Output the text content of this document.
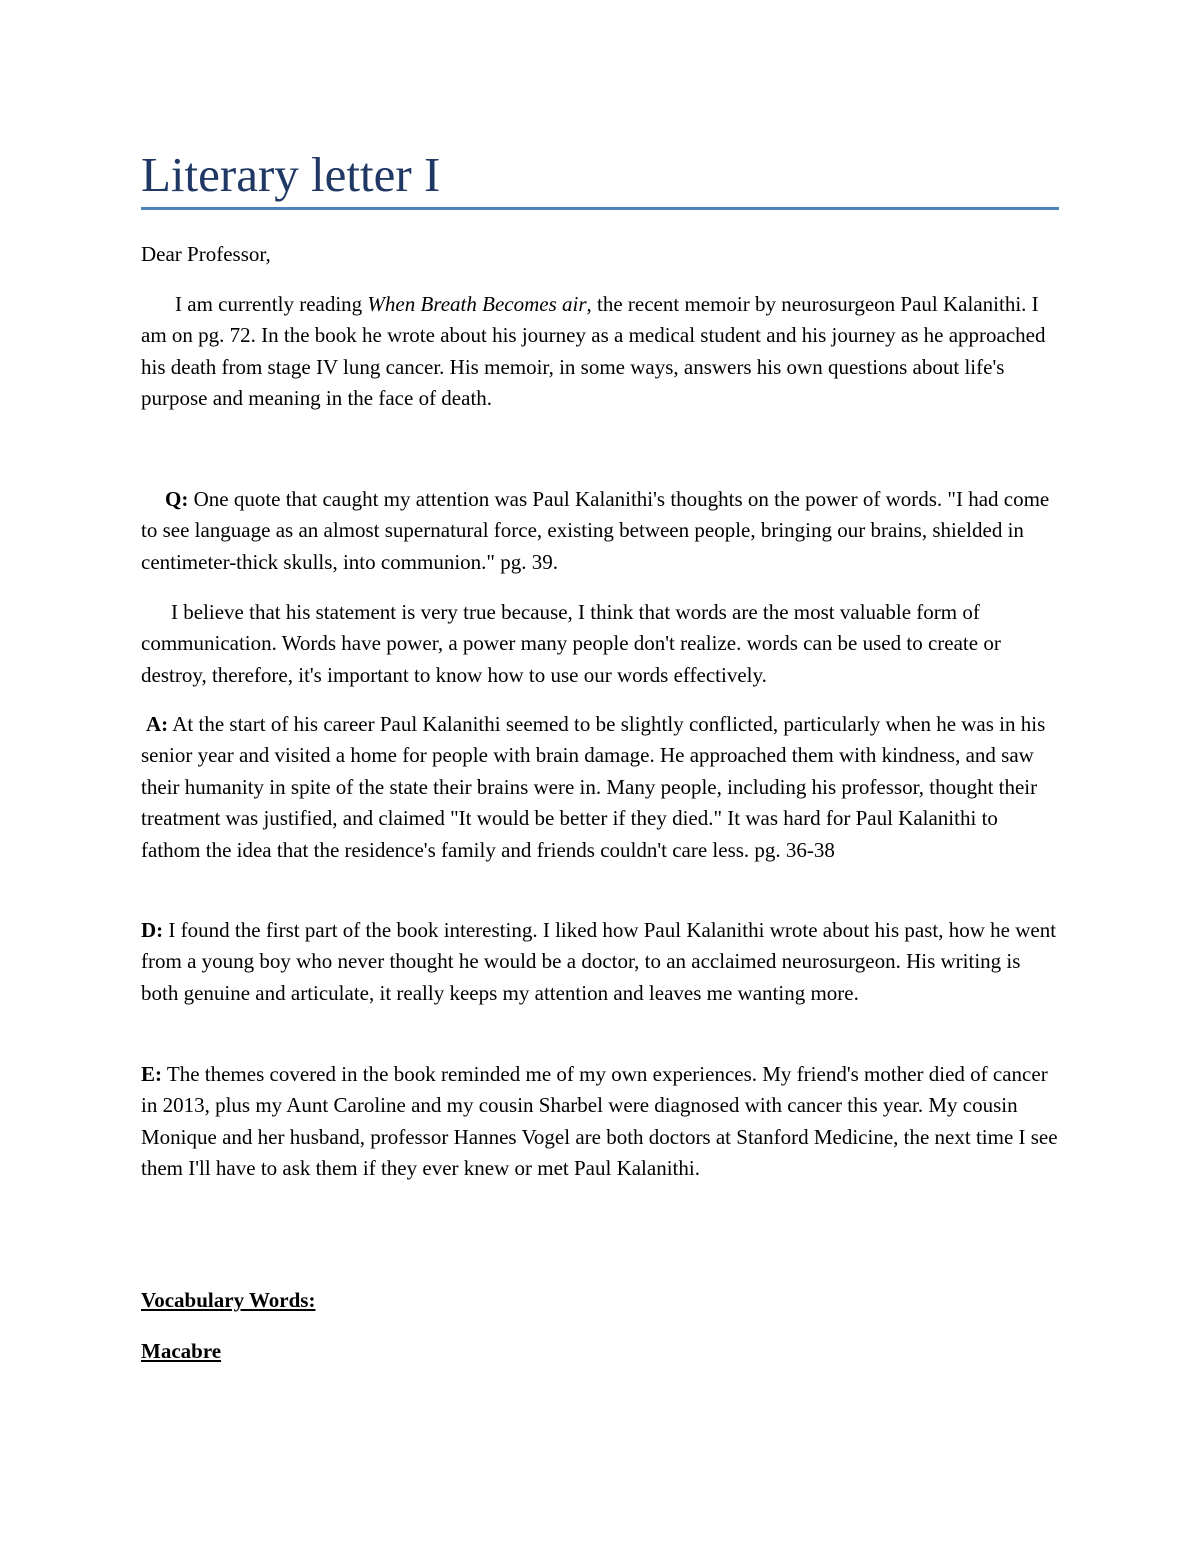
Literary letter I

Dear Professor,

I am currently reading When Breath Becomes air, the recent memoir by neurosurgeon Paul Kalanithi. I am on pg. 72. In the book he wrote about his journey as a medical student and his journey as he approached his death from stage IV lung cancer. His memoir, in some ways, answers his own questions about life's purpose and meaning in the face of death.

Q: One quote that caught my attention was Paul Kalanithi's thoughts on the power of words. "I had come to see language as an almost supernatural force, existing between people, bringing our brains, shielded in centimeter-thick skulls, into communion." pg. 39.

I believe that his statement is very true because, I think that words are the most valuable form of communication. Words have power, a power many people don't realize. words can be used to create or destroy, therefore, it's important to know how to use our words effectively.

A: At the start of his career Paul Kalanithi seemed to be slightly conflicted, particularly when he was in his senior year and visited a home for people with brain damage. He approached them with kindness, and saw their humanity in spite of the state their brains were in. Many people, including his professor, thought their treatment was justified, and claimed "It would be better if they died." It was hard for Paul Kalanithi to fathom the idea that the residence's family and friends couldn't care less. pg. 36-38

D: I found the first part of the book interesting. I liked how Paul Kalanithi wrote about his past, how he went from a young boy who never thought he would be a doctor, to an acclaimed neurosurgeon. His writing is both genuine and articulate, it really keeps my attention and leaves me wanting more.

E: The themes covered in the book reminded me of my own experiences. My friend's mother died of cancer in 2013, plus my Aunt Caroline and my cousin Sharbel were diagnosed with cancer this year. My cousin Monique and her husband, professor Hannes Vogel are both doctors at Stanford Medicine, the next time I see them I'll have to ask them if they ever knew or met Paul Kalanithi.

Vocabulary Words:

Macabre
